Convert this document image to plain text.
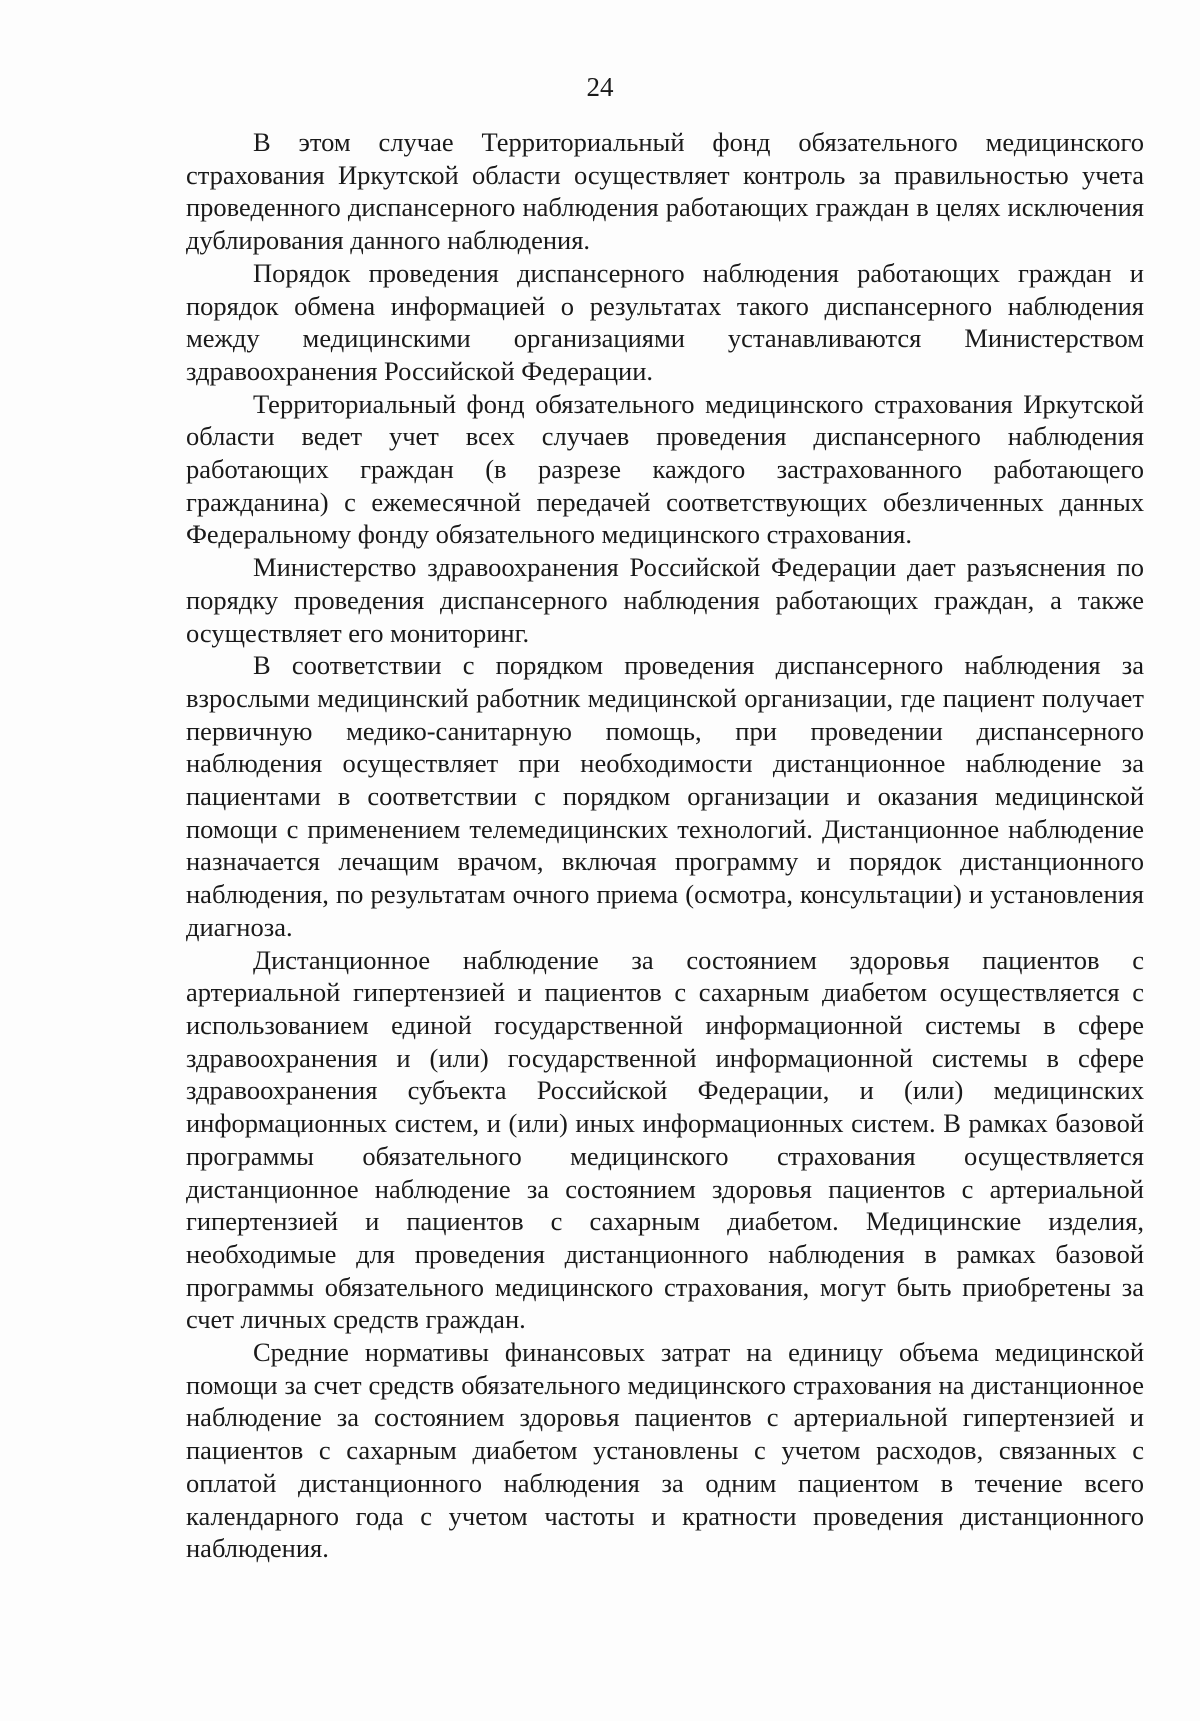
24

В этом случае Территориальный фонд обязательного медицинского страхования Иркутской области осуществляет контроль за правильностью учета проведенного диспансерного наблюдения работающих граждан в целях исключения дублирования данного наблюдения.

Порядок проведения диспансерного наблюдения работающих граждан и порядок обмена информацией о результатах такого диспансерного наблюдения между медицинскими организациями устанавливаются Министерством здравоохранения Российской Федерации.

Территориальный фонд обязательного медицинского страхования Иркутской области ведет учет всех случаев проведения диспансерного наблюдения работающих граждан (в разрезе каждого застрахованного работающего гражданина) с ежемесячной передачей соответствующих обезличенных данных Федеральному фонду обязательного медицинского страхования.

Министерство здравоохранения Российской Федерации дает разъяснения по порядку проведения диспансерного наблюдения работающих граждан, а также осуществляет его мониторинг.

В соответствии с порядком проведения диспансерного наблюдения за взрослыми медицинский работник медицинской организации, где пациент получает первичную медико-санитарную помощь, при проведении диспансерного наблюдения осуществляет при необходимости дистанционное наблюдение за пациентами в соответствии с порядком организации и оказания медицинской помощи с применением телемедицинских технологий. Дистанционное наблюдение назначается лечащим врачом, включая программу и порядок дистанционного наблюдения, по результатам очного приема (осмотра, консультации) и установления диагноза.

Дистанционное наблюдение за состоянием здоровья пациентов с артериальной гипертензией и пациентов с сахарным диабетом осуществляется с использованием единой государственной информационной системы в сфере здравоохранения и (или) государственной информационной системы в сфере здравоохранения субъекта Российской Федерации, и (или) медицинских информационных систем, и (или) иных информационных систем. В рамках базовой программы обязательного медицинского страхования осуществляется дистанционное наблюдение за состоянием здоровья пациентов с артериальной гипертензией и пациентов с сахарным диабетом. Медицинские изделия, необходимые для проведения дистанционного наблюдения в рамках базовой программы обязательного медицинского страхования, могут быть приобретены за счет личных средств граждан.

Средние нормативы финансовых затрат на единицу объема медицинской помощи за счет средств обязательного медицинского страхования на дистанционное наблюдение за состоянием здоровья пациентов с артериальной гипертензией и пациентов с сахарным диабетом установлены с учетом расходов, связанных с оплатой дистанционного наблюдения за одним пациентом в течение всего календарного года с учетом частоты и кратности проведения дистанционного наблюдения.
